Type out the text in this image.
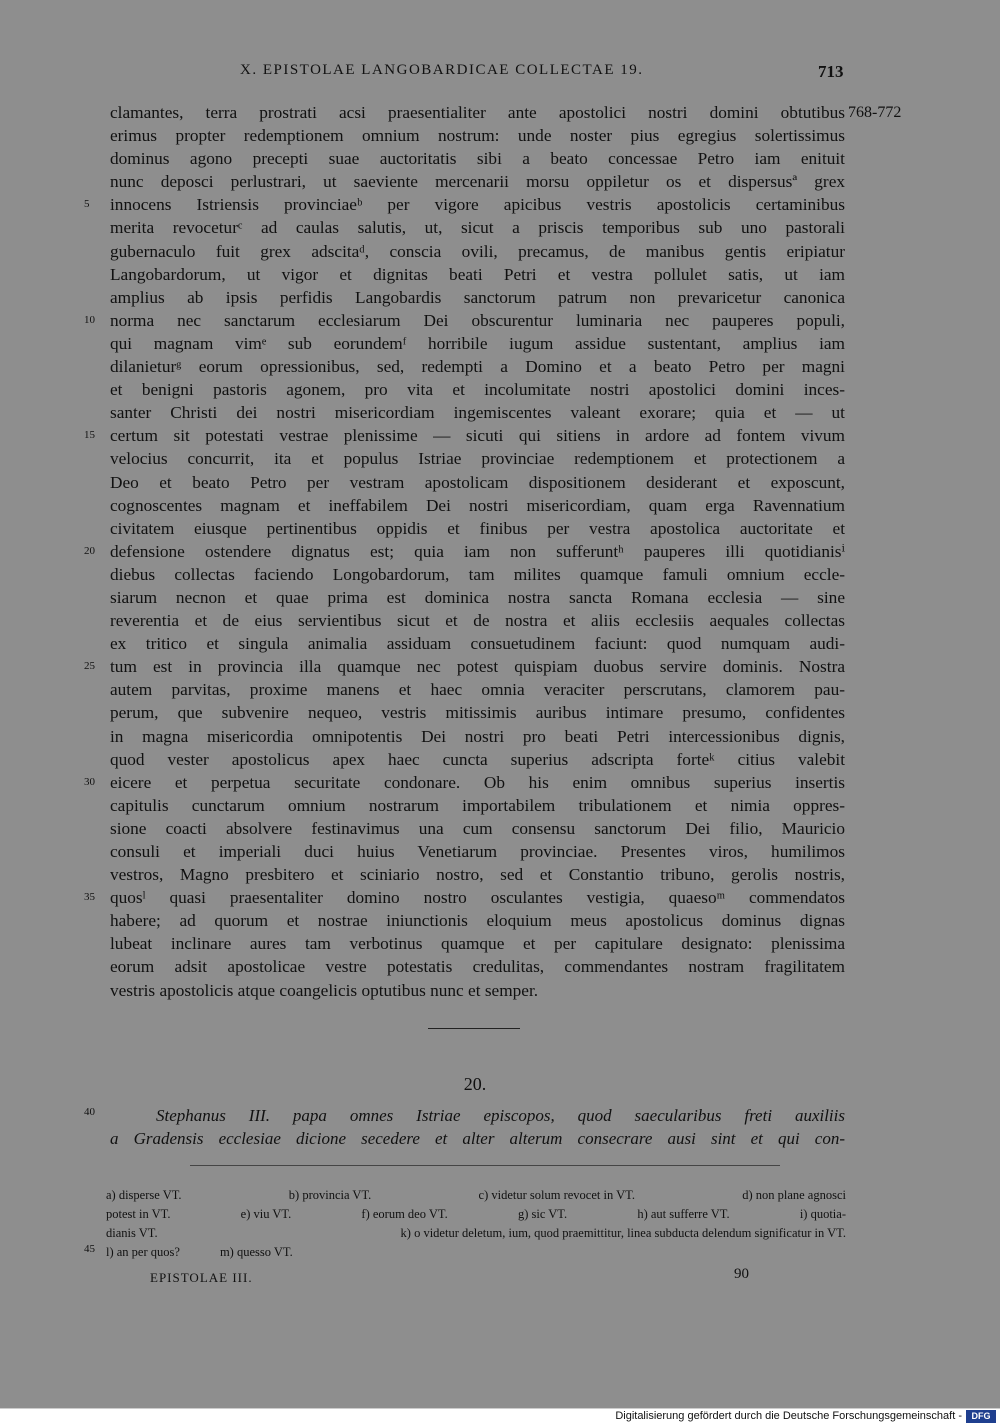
X. EPISTOLAE LANGOBARDICAE COLLECTAE 19.	713
768-772
clamantes, terra prostrati acsi praesentialiter ante apostolici nostri domini obtutibus
erimus propter redemptionem omnium nostrum: unde noster pius egregius solertissimus
dominus agono precepti suae auctoritatis sibi a beato concessae Petro iam enituit
nunc deposci perlustrari, ut saeviente mercenarii morsu oppiletur os et dispersusª grex
innocens Istriensis provinciaeᵇ per vigore apicibus vestris apostolicis certaminibus
merita revoceturᶜ ad caulas salutis, ut, sicut a priscis temporibus sub uno pastorali
gubernaculo fuit grex adscitaᵈ, conscia ovili, precamus, de manibus gentis eripiatur
Langobardorum, ut vigor et dignitas beati Petri et vestra pollulet satis, ut iam
amplius ab ipsis perfidis Langobardis sanctorum patrum non prevaricetur canonica
norma nec sanctarum ecclesiarum Dei obscurentur luminaria nec pauperes populi,
qui magnam vimᵉ sub eorundemᶠ horribile iugum assidue sustentant, amplius iam
dilanieturᵍ eorum opressionibus, sed, redempti a Domino et a beato Petro per magni
et benigni pastoris agonem, pro vita et incolumitate nostri apostolici domini inces-
santer Christi dei nostri misericordiam ingemiscentes valeant exorare; quia et — ut
certum sit potestati vestrae plenissime — sicuti qui sitiens in ardore ad fontem vivum
velocius concurrit, ita et populus Istriae provinciae redemptionem et protectionem a
Deo et beato Petro per vestram apostolicam dispositionem desiderant et exposcunt,
cognoscentes magnam et ineffabilem Dei nostri misericordiam, quam erga Ravennatium
civitatem eiusque pertinentibus oppidis et finibus per vestra apostolica auctoritate et
defensione ostendere dignatus est; quia iam non sufferuntʰ pauperes illi quotidianisⁱ
diebus collectas faciendo Longobardorum, tam milites quamque famuli omnium eccle-
siarum necnon et quae prima est dominica nostra sancta Romana ecclesia — sine
reverentia et de eius servientibus sicut et de nostra et aliis ecclesiis aequales collectas
ex tritico et singula animalia assiduam consuetudinem faciunt: quod numquam audi-
tum est in provincia illa quamque nec potest quispiam duobus servire dominis. Nostra
autem parvitas, proxime manens et haec omnia veraciter perscrutans, clamorem pau-
perum, que subvenire nequeo, vestris mitissimis auribus intimare presumo, confidentes
in magna misericordia omnipotentis Dei nostri pro beati Petri intercessionibus dignis,
quod vester apostolicus apex haec cuncta superius adscripta forteᵏ citius valebit
eicere et perpetua securitate condonare. Ob his enim omnibus superius insertis
capitulis cunctarum omnium nostrarum importabilem tribulationem et nimia oppres-
sione coacti absolvere festinavimus una cum consensu sanctorum Dei filio, Mauricio
consuli et imperiali duci huius Venetiarum provinciae. Presentes viros, humilimos
vestros, Magno presbitero et sciniario nostro, sed et Constantio tribuno, gerolis nostris,
quosˡ quasi praesentaliter domino nostro osculantes vestigia, quaesoᵐ commendatos
habere; ad quorum et nostrae iniunctionis eloquium meus apostolicus dominus dignas
lubeat inclinare aures tam verbotinus quamque et per capitulare designato: plenissima
eorum adsit apostolicae vestre potestatis credulitas, commendantes nostram fragilitatem
vestris apostolicis atque coangelicis optutibus nunc et semper.
5
10
15
20
25
30
35
20.
Stephanus III. papa omnes Istriae episcopos, quod saecularibus freti auxiliis
a Gradensis ecclesiae dicione secedere et alter alterum consecrare ausi sint et qui con-
40
a) disperse VT.	b) provincia VT.	c) videtur solum revocet in VT.	d) non plane agnosci
potest in VT.	e) viu VT.	f) eorum deo VT.	g) sic VT.	h) aut sufferre VT.	i) quotia-
dianis VT.	k) o videtur deletum, ium, quod praemittitur, linea subducta delendum significatur in VT.
l) an per quos?	m) quesso VT.
45
EPISTOLAE III.	90
Digitalisierung gefördert durch die Deutsche Forschungsgemeinschaft -	DFG
